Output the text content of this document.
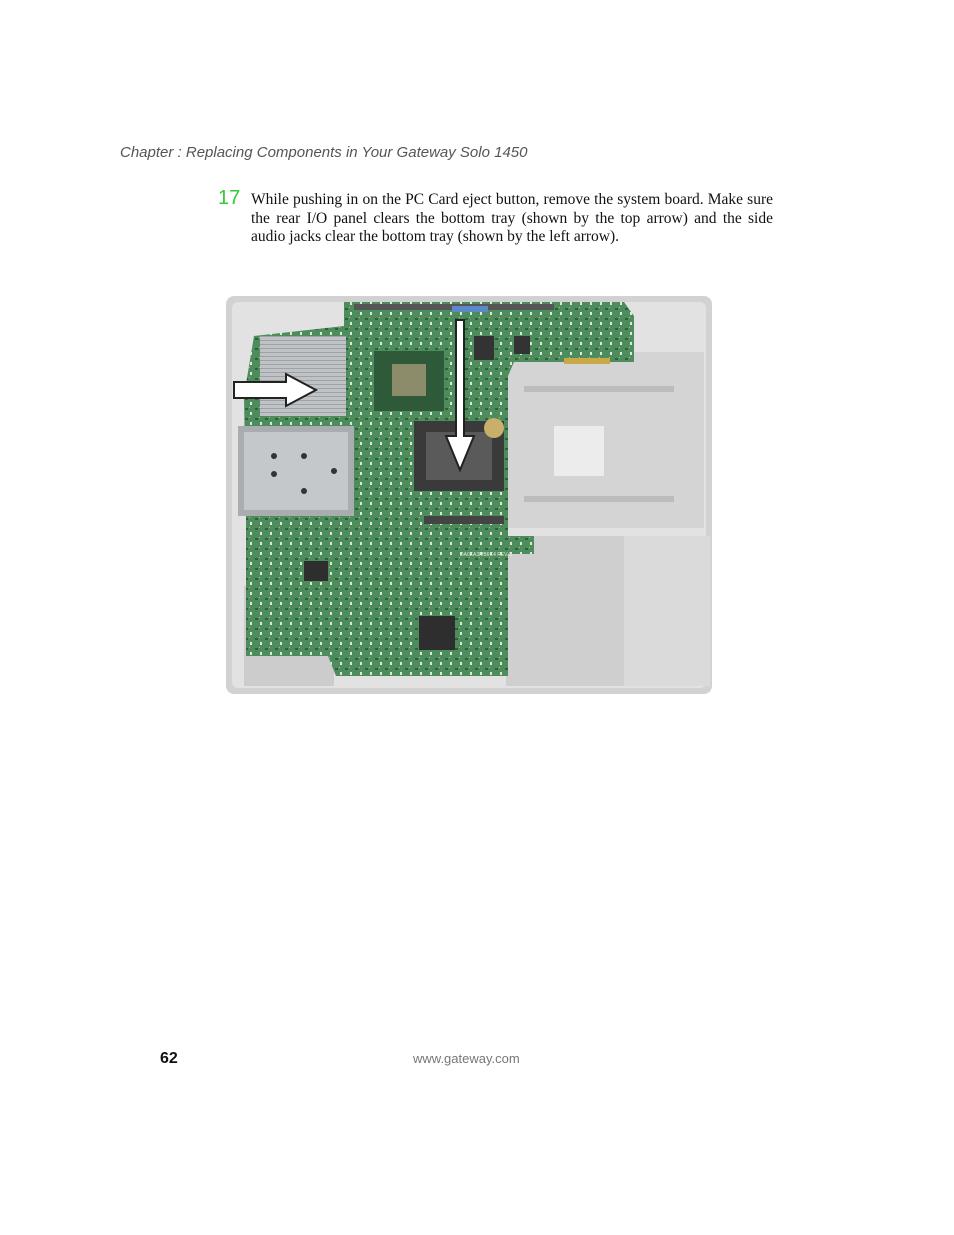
Chapter : Replacing Components in Your Gateway Solo 1450
17 While pushing in on the PC Card eject button, remove the system board. Make sure the rear I/O panel clears the bottom tray (shown by the top arrow) and the side audio jacks clear the bottom tray (shown by the left arrow).
DA0EA3MB6C4 REV.C
62	www.gateway.com
